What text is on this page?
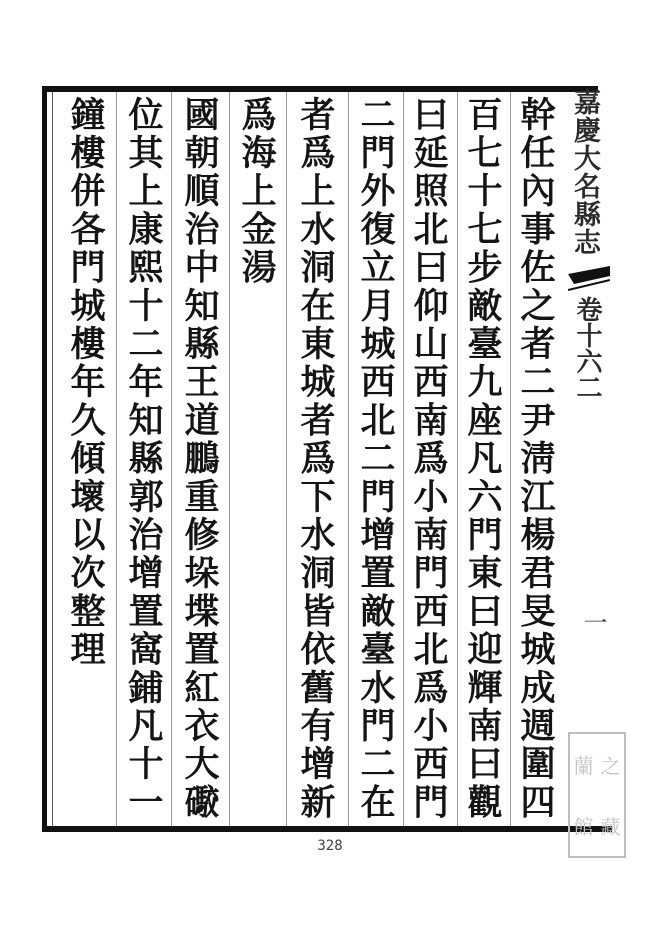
幹任內事佐之者二尹淸江楊君旻城成週圍四
百七十七步敵臺九座凡六門東曰迎輝南曰觀
曰延照北曰仰山西南爲小南門西北爲小西門
二門外復立月城西北二門增置敵臺水門二在
者爲上水洞在東城者爲下水洞皆依舊有增新
爲海上金湯
國朝順治中知縣王道鵬重修垛堞置紅衣大礮
位其上康熙十二年知縣郭治增置窩鋪凡十一
鐘樓併各門城樓年久傾壞以次整理	嘉慶大名縣志
卷十六二
一
328
蘭 之
館 藏
